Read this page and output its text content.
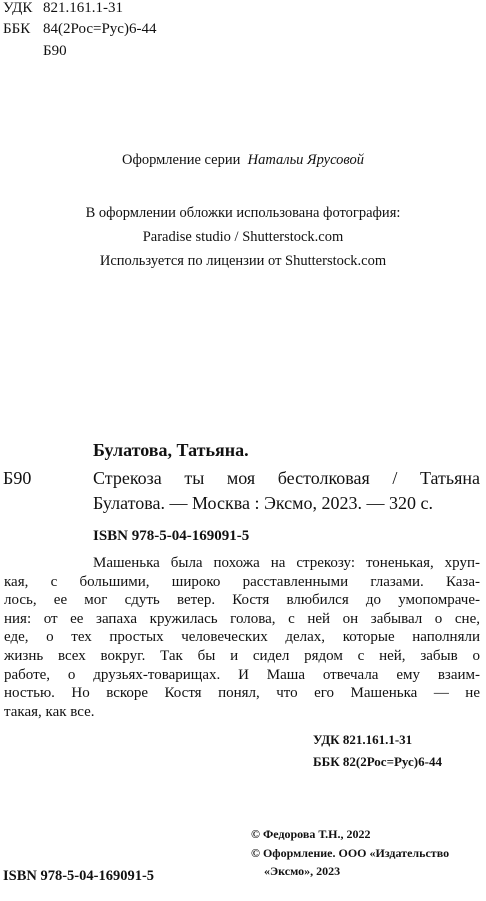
УДК 821.161.1-31
ББК 84(2Рос=Рус)6-44
Б90
Оформление серии Натальи Ярусовой
В оформлении обложки использована фотография:
Paradise studio / Shutterstock.com
Используется по лицензии от Shutterstock.com
Булатова, Татьяна.
Б90	Стрекоза ты моя бестолковая / Татьяна
Булатова. — Москва : Эксмо, 2023. — 320 с.
ISBN 978-5-04-169091-5
Машенька была похожа на стрекозу: тоненькая, хруп-
кая, с большими, широко расставленными глазами. Каза-
лось, ее мог сдуть ветер. Костя влюбился до умопомраче-
ния: от ее запаха кружилась голова, с ней он забывал о сне,
еде, о тех простых человеческих делах, которые наполняли
жизнь всех вокруг. Так бы и сидел рядом с ней, забыв о
работе, о друзьях-товарищах. И Маша отвечала ему взаим-
ностью. Но вскоре Костя понял, что его Машенька — не
такая, как все.
УДК 821.161.1-31
ББК 82(2Рос=Рус)6-44
© Федорова Т.Н., 2022
© Оформление. ООО «Издательство
«Эксмо», 2023
ISBN 978-5-04-169091-5
